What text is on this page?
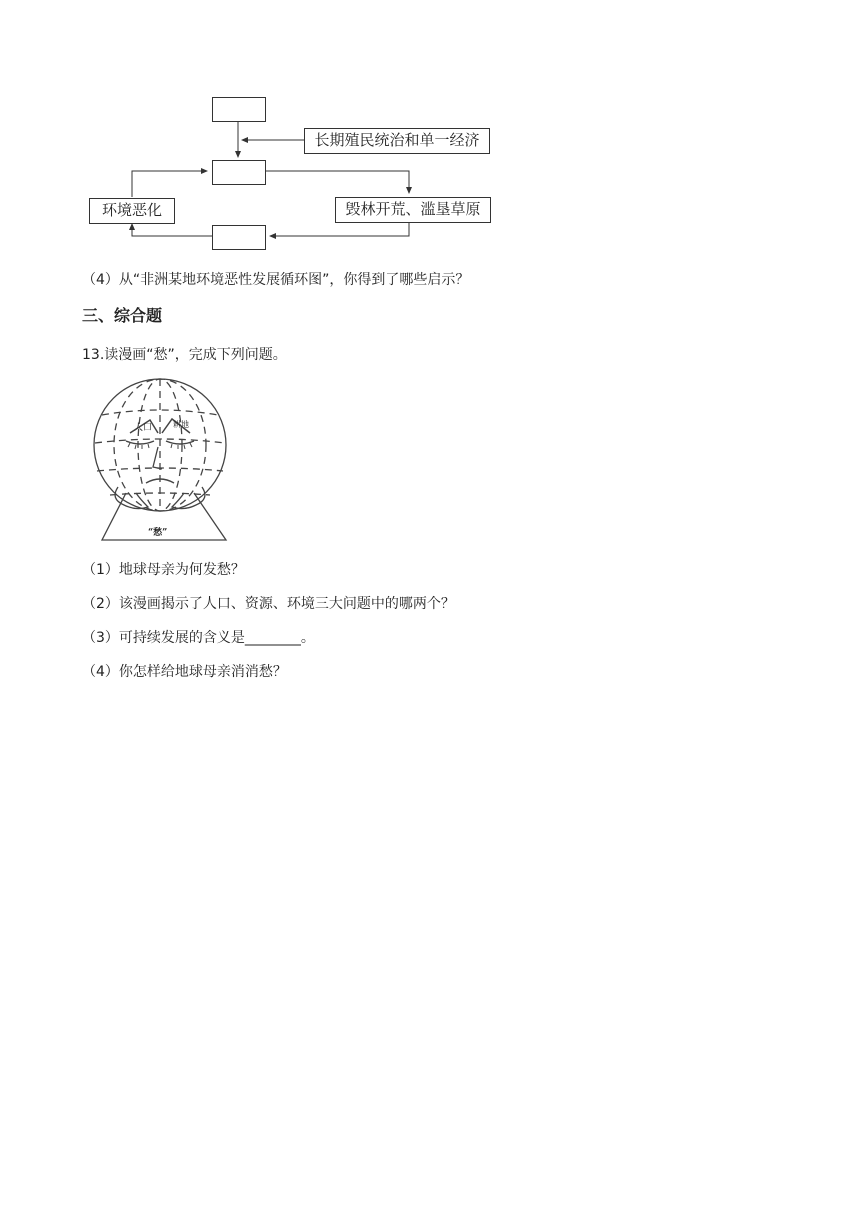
长期殖民统治和单一经济
环境恶化	毁林开荒、滥垦草原
（4）从“非洲某地环境恶性发展循环图”，你得到了哪些启示？
三、综合题
13.读漫画“愁”，完成下列问题。
人口	耕地
“愁”
（1）地球母亲为何发愁？
（2）该漫画揭示了人口、资源、环境三大问题中的哪两个？
（3）可持续发展的含义是________。
（4）你怎样给地球母亲消消愁？
